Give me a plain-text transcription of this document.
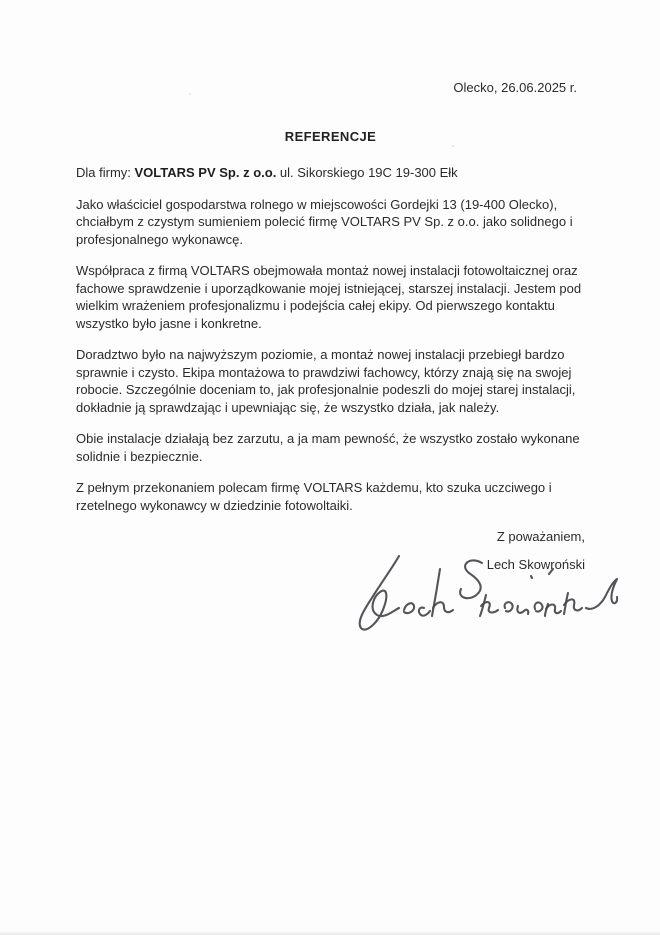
Olecko, 26.06.2025 r.
REFERENCJE

Dla firmy: VOLTARS PV Sp. z o.o. ul. Sikorskiego 19C 19-300 Ełk

Jako właściciel gospodarstwa rolnego w miejscowości Gordejki 13 (19-400 Olecko), chciałbym z czystym sumieniem polecić firmę VOLTARS PV Sp. z o.o. jako solidnego i profesjonalnego wykonawcę.

Współpraca z firmą VOLTARS obejmowała montaż nowej instalacji fotowoltaicznej oraz fachowe sprawdzenie i uporządkowanie mojej istniejącej, starszej instalacji. Jestem pod wielkim wrażeniem profesjonalizmu i podejścia całej ekipy. Od pierwszego kontaktu wszystko było jasne i konkretne.

Doradztwo było na najwyższym poziomie, a montaż nowej instalacji przebiegł bardzo sprawnie i czysto. Ekipa montażowa to prawdziwi fachowcy, którzy znają się na swojej robocie. Szczególnie doceniam to, jak profesjonalnie podeszli do mojej starej instalacji, dokładnie ją sprawdzając i upewniając się, że wszystko działa, jak należy.

Obie instalacje działają bez zarzutu, a ja mam pewność, że wszystko zostało wykonane solidnie i bezpiecznie.

Z pełnym przekonaniem polecam firmę VOLTARS każdemu, kto szuka uczciwego i rzetelnego wykonawcy w dziedzinie fotowoltaiki.

Z poważaniem,
Lech Skowroński
